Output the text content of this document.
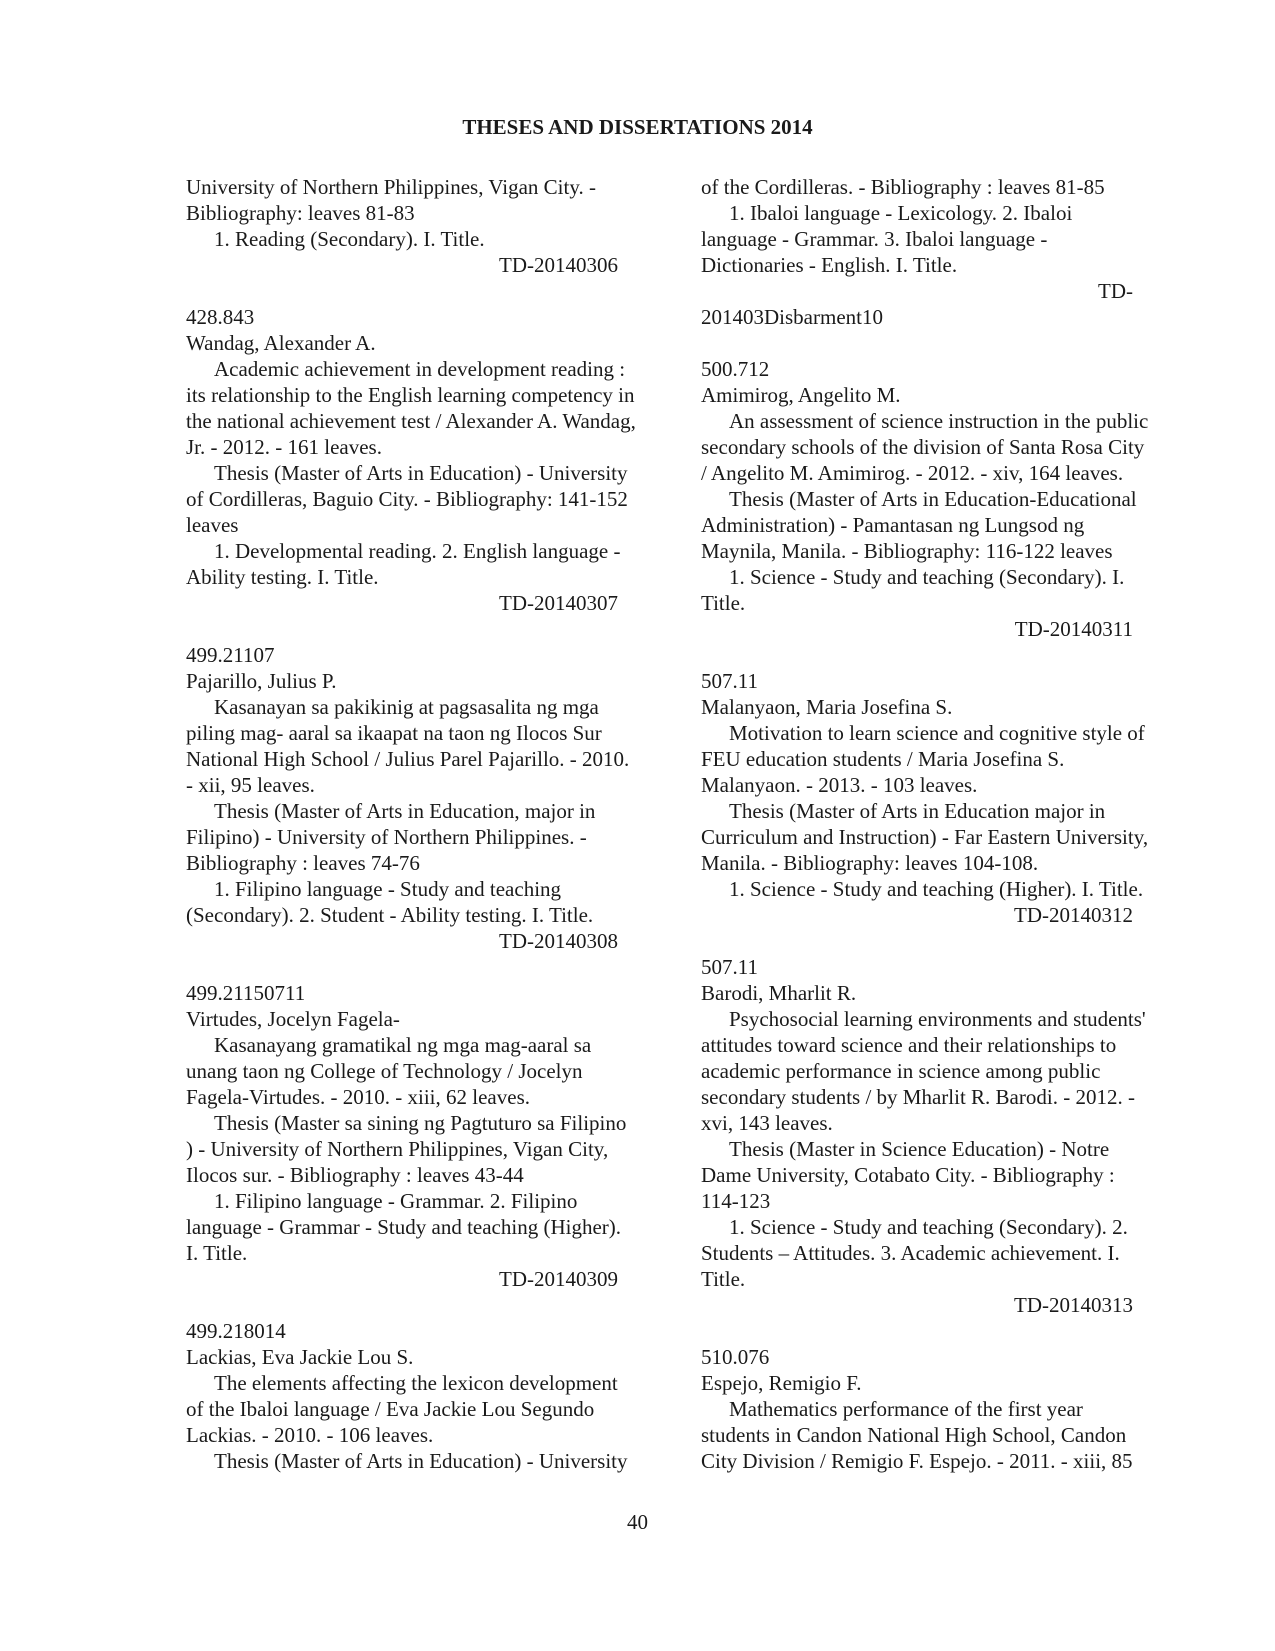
THESES AND DISSERTATIONS 2014
University of Northern Philippines, Vigan City. -
Bibliography: leaves 81-83
1. Reading (Secondary). I. Title.
TD-20140306
428.843
Wandag, Alexander A.
Academic achievement in development reading :
its relationship to the English learning competency in
the national achievement test / Alexander A. Wandag,
Jr. - 2012. - 161 leaves.
Thesis (Master of Arts in Education) - University
of Cordilleras, Baguio City. - Bibliography: 141-152
leaves
1. Developmental reading. 2. English language -
Ability testing. I. Title.
TD-20140307
499.21107
Pajarillo, Julius P.
Kasanayan sa pakikinig at pagsasalita ng mga
piling mag- aaral sa ikaapat na taon ng Ilocos Sur
National High School / Julius Parel Pajarillo. - 2010.
- xii, 95 leaves.
Thesis (Master of Arts in Education, major in
Filipino) - University of Northern Philippines. -
Bibliography : leaves 74-76
1. Filipino language - Study and teaching
(Secondary). 2. Student - Ability testing. I. Title.
TD-20140308
499.21150711
Virtudes, Jocelyn Fagela-
Kasanayang gramatikal ng mga mag-aaral sa
unang taon ng College of Technology / Jocelyn
Fagela-Virtudes. - 2010. - xiii, 62 leaves.
Thesis (Master sa sining ng Pagtuturo sa Filipino
) - University of Northern Philippines, Vigan City,
Ilocos sur. - Bibliography : leaves 43-44
1. Filipino language - Grammar. 2. Filipino
language - Grammar - Study and teaching (Higher).
I. Title.
TD-20140309
499.218014
Lackias, Eva Jackie Lou S.
The elements affecting the lexicon development
of the Ibaloi language / Eva Jackie Lou Segundo
Lackias. - 2010. - 106 leaves.
Thesis (Master of Arts in Education) - University
of the Cordilleras. - Bibliography : leaves 81-85
1. Ibaloi language - Lexicology. 2. Ibaloi
language - Grammar. 3. Ibaloi language -
Dictionaries - English. I. Title.
TD-
201403Disbarment10
500.712
Amimirog, Angelito M.
An assessment of science instruction in the public
secondary schools of the division of Santa Rosa City
/ Angelito M. Amimirog. - 2012. - xiv, 164 leaves.
Thesis (Master of Arts in Education-Educational
Administration) - Pamantasan ng Lungsod ng
Maynila, Manila. - Bibliography: 116-122 leaves
1. Science - Study and teaching (Secondary). I.
Title.
TD-20140311
507.11
Malanyaon, Maria Josefina S.
Motivation to learn science and cognitive style of
FEU education students / Maria Josefina S.
Malanyaon. - 2013. - 103 leaves.
Thesis (Master of Arts in Education major in
Curriculum and Instruction) - Far Eastern University,
Manila. - Bibliography: leaves 104-108.
1. Science - Study and teaching (Higher). I. Title.
TD-20140312
507.11
Barodi, Mharlit R.
Psychosocial learning environments and students'
attitudes toward science and their relationships to
academic performance in science among public
secondary students / by Mharlit R. Barodi. - 2012. -
xvi, 143 leaves.
Thesis (Master in Science Education) - Notre
Dame University, Cotabato City. - Bibliography :
114-123
1. Science - Study and teaching (Secondary). 2.
Students – Attitudes. 3. Academic achievement. I.
Title.
TD-20140313
510.076
Espejo, Remigio F.
Mathematics performance of the first year
students in Candon National High School, Candon
City Division / Remigio F. Espejo. - 2011. - xiii, 85
40
